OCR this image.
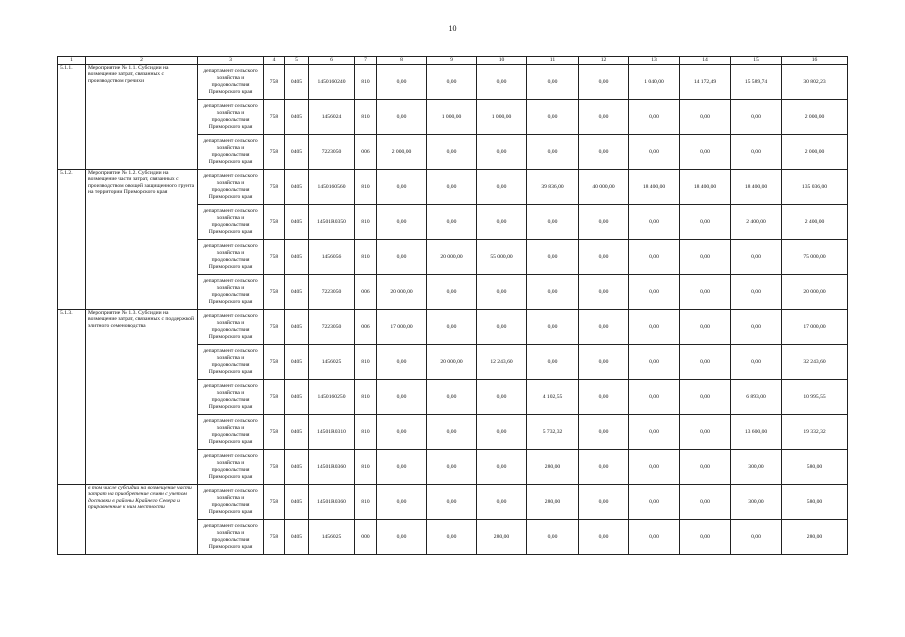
10
1	2	3	4	5	6	7	8	9	10	11	12	13	14	15	16
5.1.1.	Мероприятие № 1.1. Субсидии на возмещение затрат, связанных с производством гречихи	департамент сельского хозяйства и продовольствия Приморского края	758	0405	1450160240	810	0,00	0,00	0,00	0,00	0,00	1 040,00	14 172,49	15 589,74	30 802,23
		департамент сельского хозяйства и продовольствия Приморского края	758	0405	1456024	810	0,00	1 000,00	1 000,00	0,00	0,00	0,00	0,00	0,00	2 000,00
		департамент сельского хозяйства и продовольствия Приморского края	758	0405	7223050	006	2 000,00	0,00	0,00	0,00	0,00	0,00	0,00	0,00	2 000,00
5.1.2.	Мероприятие № 1.2. Субсидии на возмещение части затрат, связанных с производством овощей защищенного грунта на территории Приморского края	департамент сельского хозяйства и продовольствия Приморского края	758	0405	1450160560	810	0,00	0,00	0,00	39 836,00	40 000,00	18 400,00	18 400,00	18 400,00	135 036,00
		департамент сельского хозяйства и продовольствия Приморского края	758	0405	14501R0350	810	0,00	0,00	0,00	0,00	0,00	0,00	0,00	2 400,00	2 400,00
		департамент сельского хозяйства и продовольствия Приморского края	758	0405	1456056	810	0,00	20 000,00	55 000,00	0,00	0,00	0,00	0,00	0,00	75 000,00
		департамент сельского хозяйства и продовольствия Приморского края	758	0405	7223050	006	20 000,00	0,00	0,00	0,00	0,00	0,00	0,00	0,00	20 000,00
5.1.3.	Мероприятие № 1.3. Субсидии на возмещение затрат, связанных с поддержкой элитного семеноводства	департамент сельского хозяйства и продовольствия Приморского края	758	0405	7223050	006	17 000,00	0,00	0,00	0,00	0,00	0,00	0,00	0,00	17 000,00
		департамент сельского хозяйства и продовольствия Приморского края	758	0405	1456025	810	0,00	20 000,00	12 243,60	0,00	0,00	0,00	0,00	0,00	32 243,60
		департамент сельского хозяйства и продовольствия Приморского края	758	0405	1450160250	810	0,00	0,00	0,00	4 102,55	0,00	0,00	0,00	6 893,00	10 995,55
		департамент сельского хозяйства и продовольствия Приморского края	758	0405	14501R0310	810	0,00	0,00	0,00	5 732,32	0,00	0,00	0,00	13 600,00	19 332,32
		департамент сельского хозяйства и продовольствия Приморского края	758	0405	14501R0360	810	0,00	0,00	0,00	280,00	0,00	0,00	0,00	300,00	580,00
	в том числе субсидии на возмещение части затрат на приобретение семян с учетом доставки в районы Крайнего Севера и приравненные к ним местности	департамент сельского хозяйства и продовольствия Приморского края	758	0405	14501R0360	810	0,00	0,00	0,00	280,00	0,00	0,00	0,00	300,00	580,00
		департамент сельского хозяйства и продовольствия Приморского края	758	0405	1456025	000	0,00	0,00	280,00	0,00	0,00	0,00	0,00	0,00	280,00
